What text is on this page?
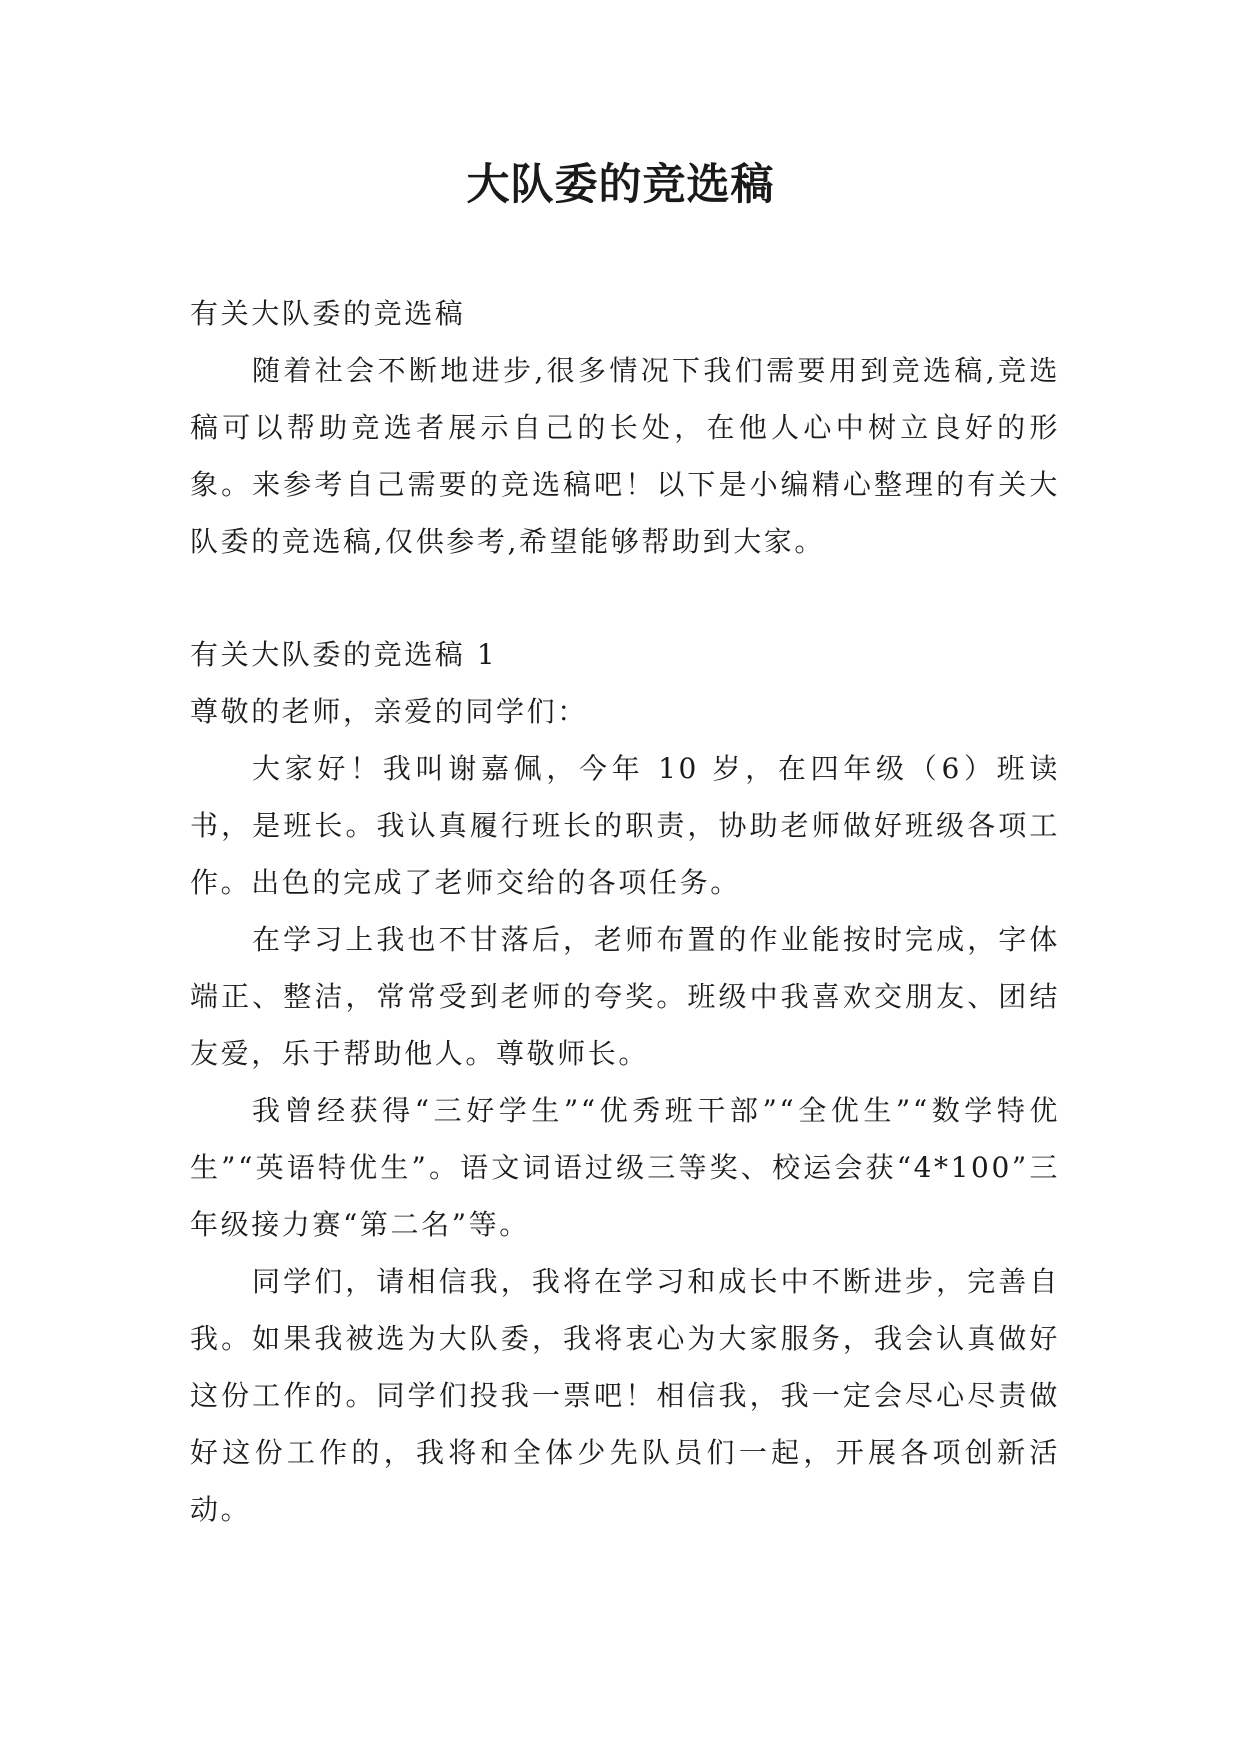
大队委的竞选稿

有关大队委的竞选稿

随着社会不断地进步,很多情况下我们需要用到竞选稿,竞选稿可以帮助竞选者展示自己的长处，在他人心中树立良好的形象。来参考自己需要的竞选稿吧！以下是小编精心整理的有关大队委的竞选稿,仅供参考,希望能够帮助到大家。

有关大队委的竞选稿 1

尊敬的老师，亲爱的同学们：

大家好！我叫谢嘉佩，今年 10 岁，在四年级（6）班读书，是班长。我认真履行班长的职责，协助老师做好班级各项工作。出色的完成了老师交给的各项任务。

在学习上我也不甘落后，老师布置的作业能按时完成，字体端正、整洁，常常受到老师的夸奖。班级中我喜欢交朋友、团结友爱，乐于帮助他人。尊敬师长。

我曾经获得“三好学生”“优秀班干部”“全优生”“数学特优生”“英语特优生”。语文词语过级三等奖、校运会获“4*100”三年级接力赛“第二名”等。

同学们，请相信我，我将在学习和成长中不断进步，完善自我。如果我被选为大队委，我将衷心为大家服务，我会认真做好这份工作的。同学们投我一票吧！相信我，我一定会尽心尽责做好这份工作的，我将和全体少先队员们一起，开展各项创新活动。
